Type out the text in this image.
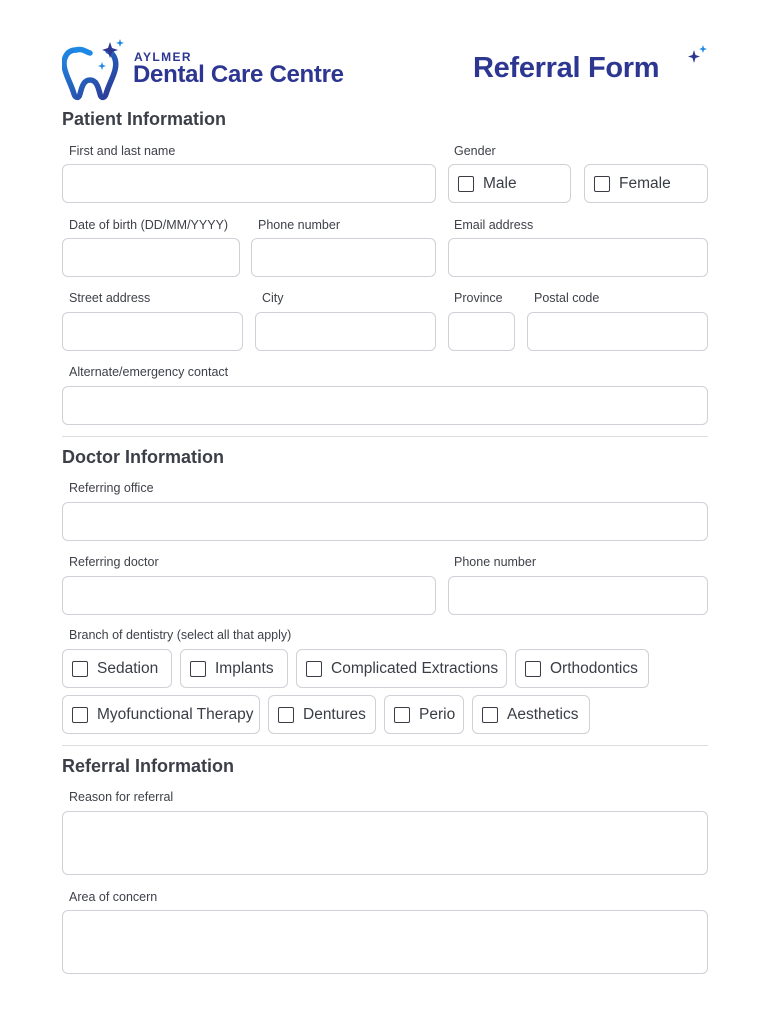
AYLMER
Dental Care Centre	Referral Form
Patient Information
First and last name	Gender
Male	Female
Date of birth (DD/MM/YYYY) Phone number	Email address
Street address	City	Province	Postal code
Alternate/emergency contact
Doctor Information
Referring office
Referring doctor	Phone number
Branch of dentistry (select all that apply)
Sedation	Implants	Complicated Extractions	Orthodontics
Myofunctional Therapy	Dentures	Perio	Aesthetics
Referral Information
Reason for referral
Area of concern
